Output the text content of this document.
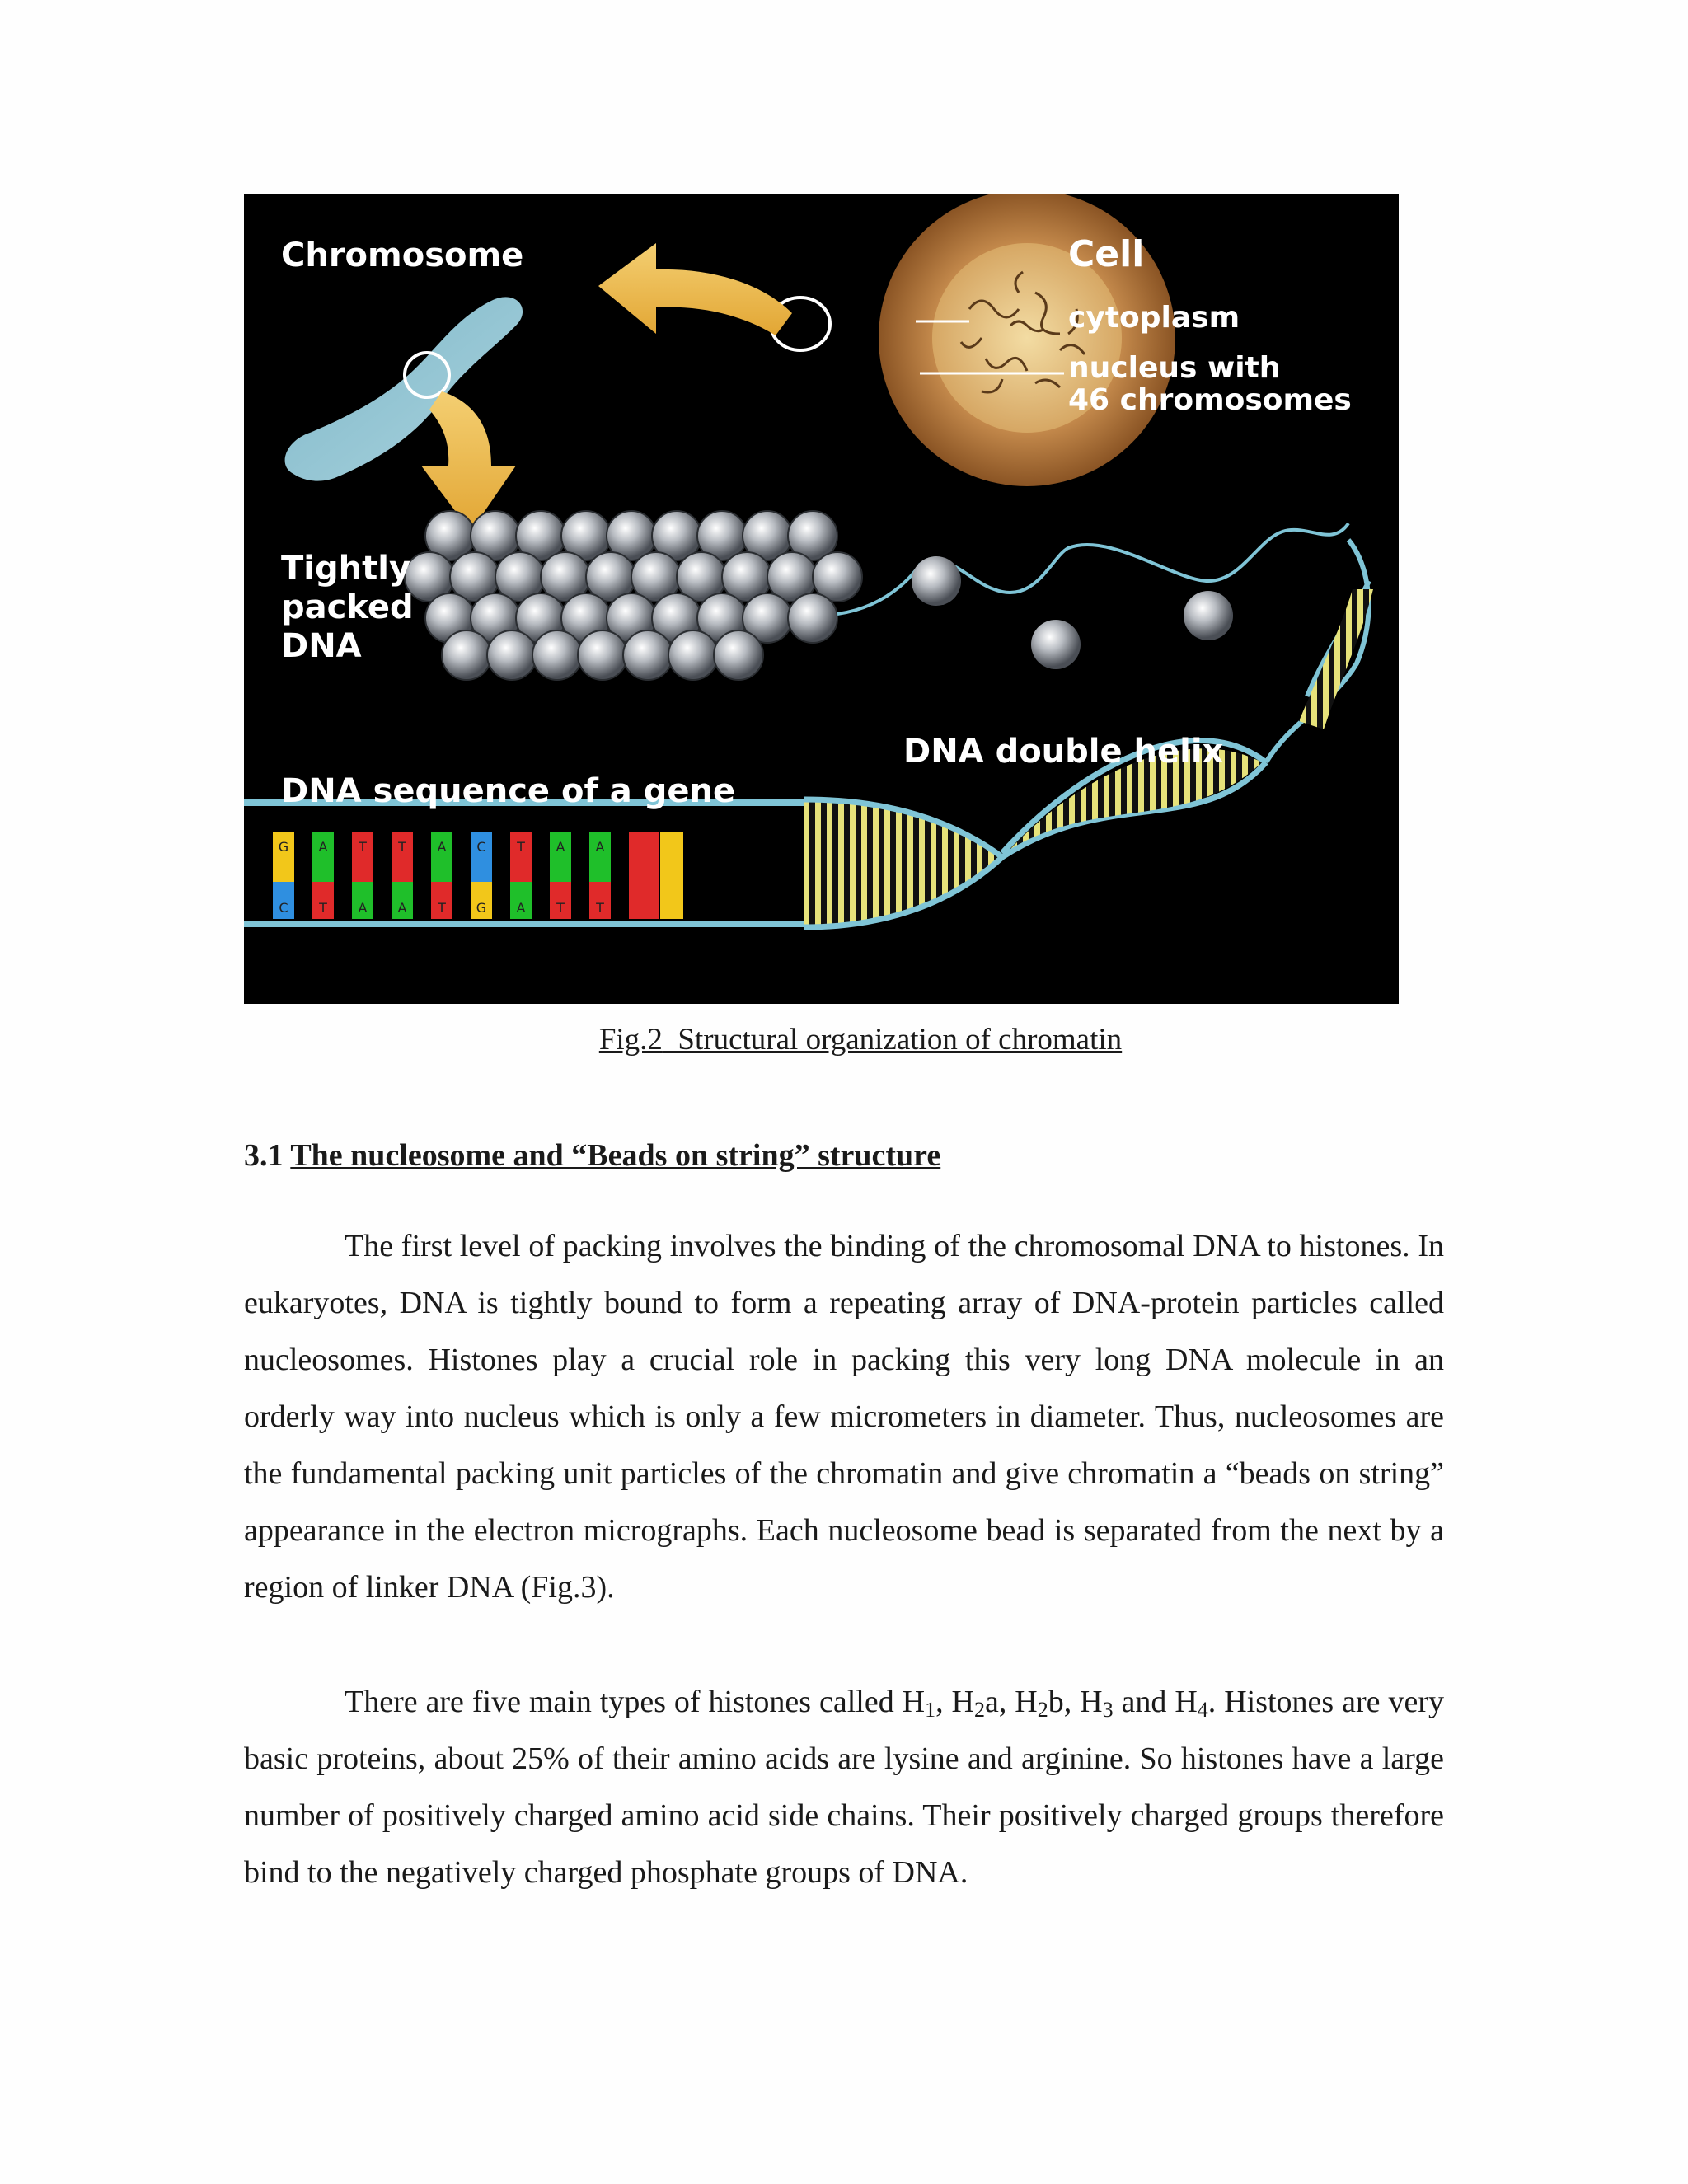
G
C
A
T
T
A
T
A
A
T
C
G
T
A
A
T
A
T
Chromosome	Cell
cytoplasm
nucleus with
46 chromosomes
Tightly
packed
DNA
DNA double helix
DNA sequence of a gene
Fig.2 Structural organization of chromatin
3.1 The nucleosome and “Beads on string” structure

The first level of packing involves the binding of the chromosomal DNA to histones. In eukaryotes, DNA is tightly bound to form a repeating array of DNA-protein particles called nucleosomes. Histones play a crucial role in packing this very long DNA molecule in an orderly way into nucleus which is only a few micrometers in diameter. Thus, nucleosomes are the fundamental packing unit particles of the chromatin and give chromatin a “beads on string” appearance in the electron micrographs. Each nucleosome bead is separated from the next by a region of linker DNA (Fig.3).

There are five main types of histones called $H_1$, $H_2a$, $H_2b$, $H_3$ and $H_4$. Histones are very basic proteins, about 25% of their amino acids are lysine and arginine. So histones have a large number of positively charged amino acid side chains. Their positively charged groups therefore bind to the negatively charged phosphate groups of DNA.
